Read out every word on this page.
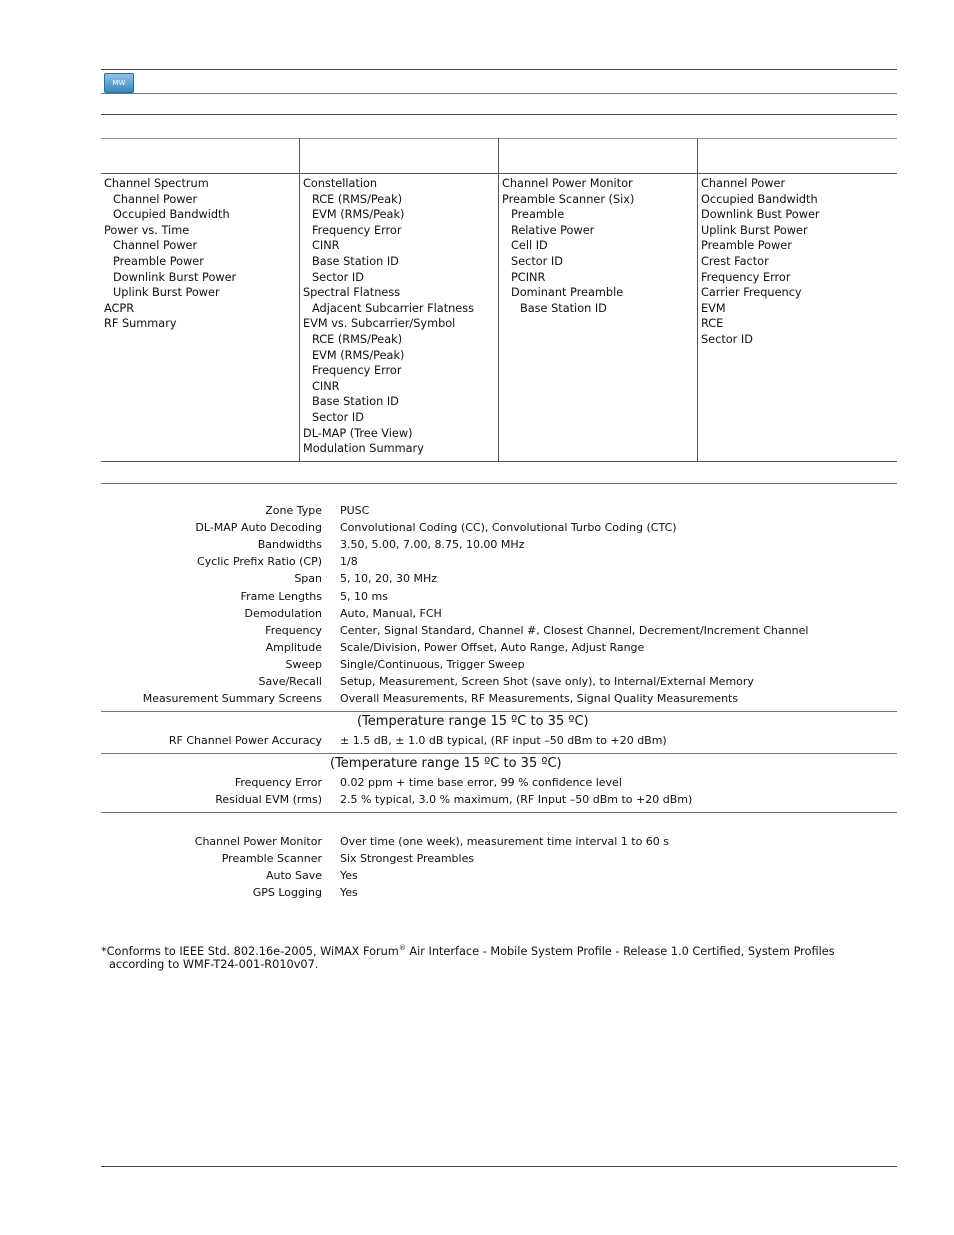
MW
Channel Spectrum
Channel Power
Occupied Bandwidth
Power vs. Time
Channel Power
Preamble Power
Downlink Burst Power
Uplink Burst Power
ACPR
RF Summary
Constellation
RCE (RMS/Peak)
EVM (RMS/Peak)
Frequency Error
CINR
Base Station ID
Sector ID
Spectral Flatness
Adjacent Subcarrier Flatness
EVM vs. Subcarrier/Symbol
RCE (RMS/Peak)
EVM (RMS/Peak)
Frequency Error
CINR
Base Station ID
Sector ID
DL-MAP (Tree View)
Modulation Summary
Channel Power Monitor
Preamble Scanner (Six)
Preamble
Relative Power
Cell ID
Sector ID
PCINR
Dominant Preamble
Base Station ID
Channel Power
Occupied Bandwidth
Downlink Bust Power
Uplink Burst Power
Preamble Power
Crest Factor
Frequency Error
Carrier Frequency
EVM
RCE
Sector ID
Zone Type PUSC
DL-MAP Auto Decoding Convolutional Coding (CC), Convolutional Turbo Coding (CTC)
Bandwidths 3.50, 5.00, 7.00, 8.75, 10.00 MHz
Cyclic Prefix Ratio (CP) 1/8
Span 5, 10, 20, 30 MHz
Frame Lengths 5, 10 ms
Demodulation Auto, Manual, FCH
Frequency Center, Signal Standard, Channel #, Closest Channel, Decrement/Increment Channel
Amplitude Scale/Division, Power Offset, Auto Range, Adjust Range
Sweep Single/Continuous, Trigger Sweep
Save/Recall Setup, Measurement, Screen Shot (save only), to Internal/External Memory
Measurement Summary Screens Overall Measurements, RF Measurements, Signal Quality Measurements
RF Channel Power Accuracy ± 1.5 dB, ± 1.0 dB typical, (RF input –50 dBm to +20 dBm)
Frequency Error 0.02 ppm + time base error, 99 % confidence level
Residual EVM (rms) 2.5 % typical, 3.0 % maximum, (RF Input –50 dBm to +20 dBm)
Channel Power Monitor Over time (one week), measurement time interval 1 to 60 s
Preamble Scanner Six Strongest Preambles
Auto Save Yes
GPS Logging Yes
(Temperature range 15 ºC to 35 ºC)
(Temperature range 15 ºC to 35 ºC)
*Conforms to IEEE Std. 802.16e-2005, WiMAX Forum® Air Interface - Mobile System Profile - Release 1.0 Certified, System Profiles
according to WMF-T24-001-R010v07.
